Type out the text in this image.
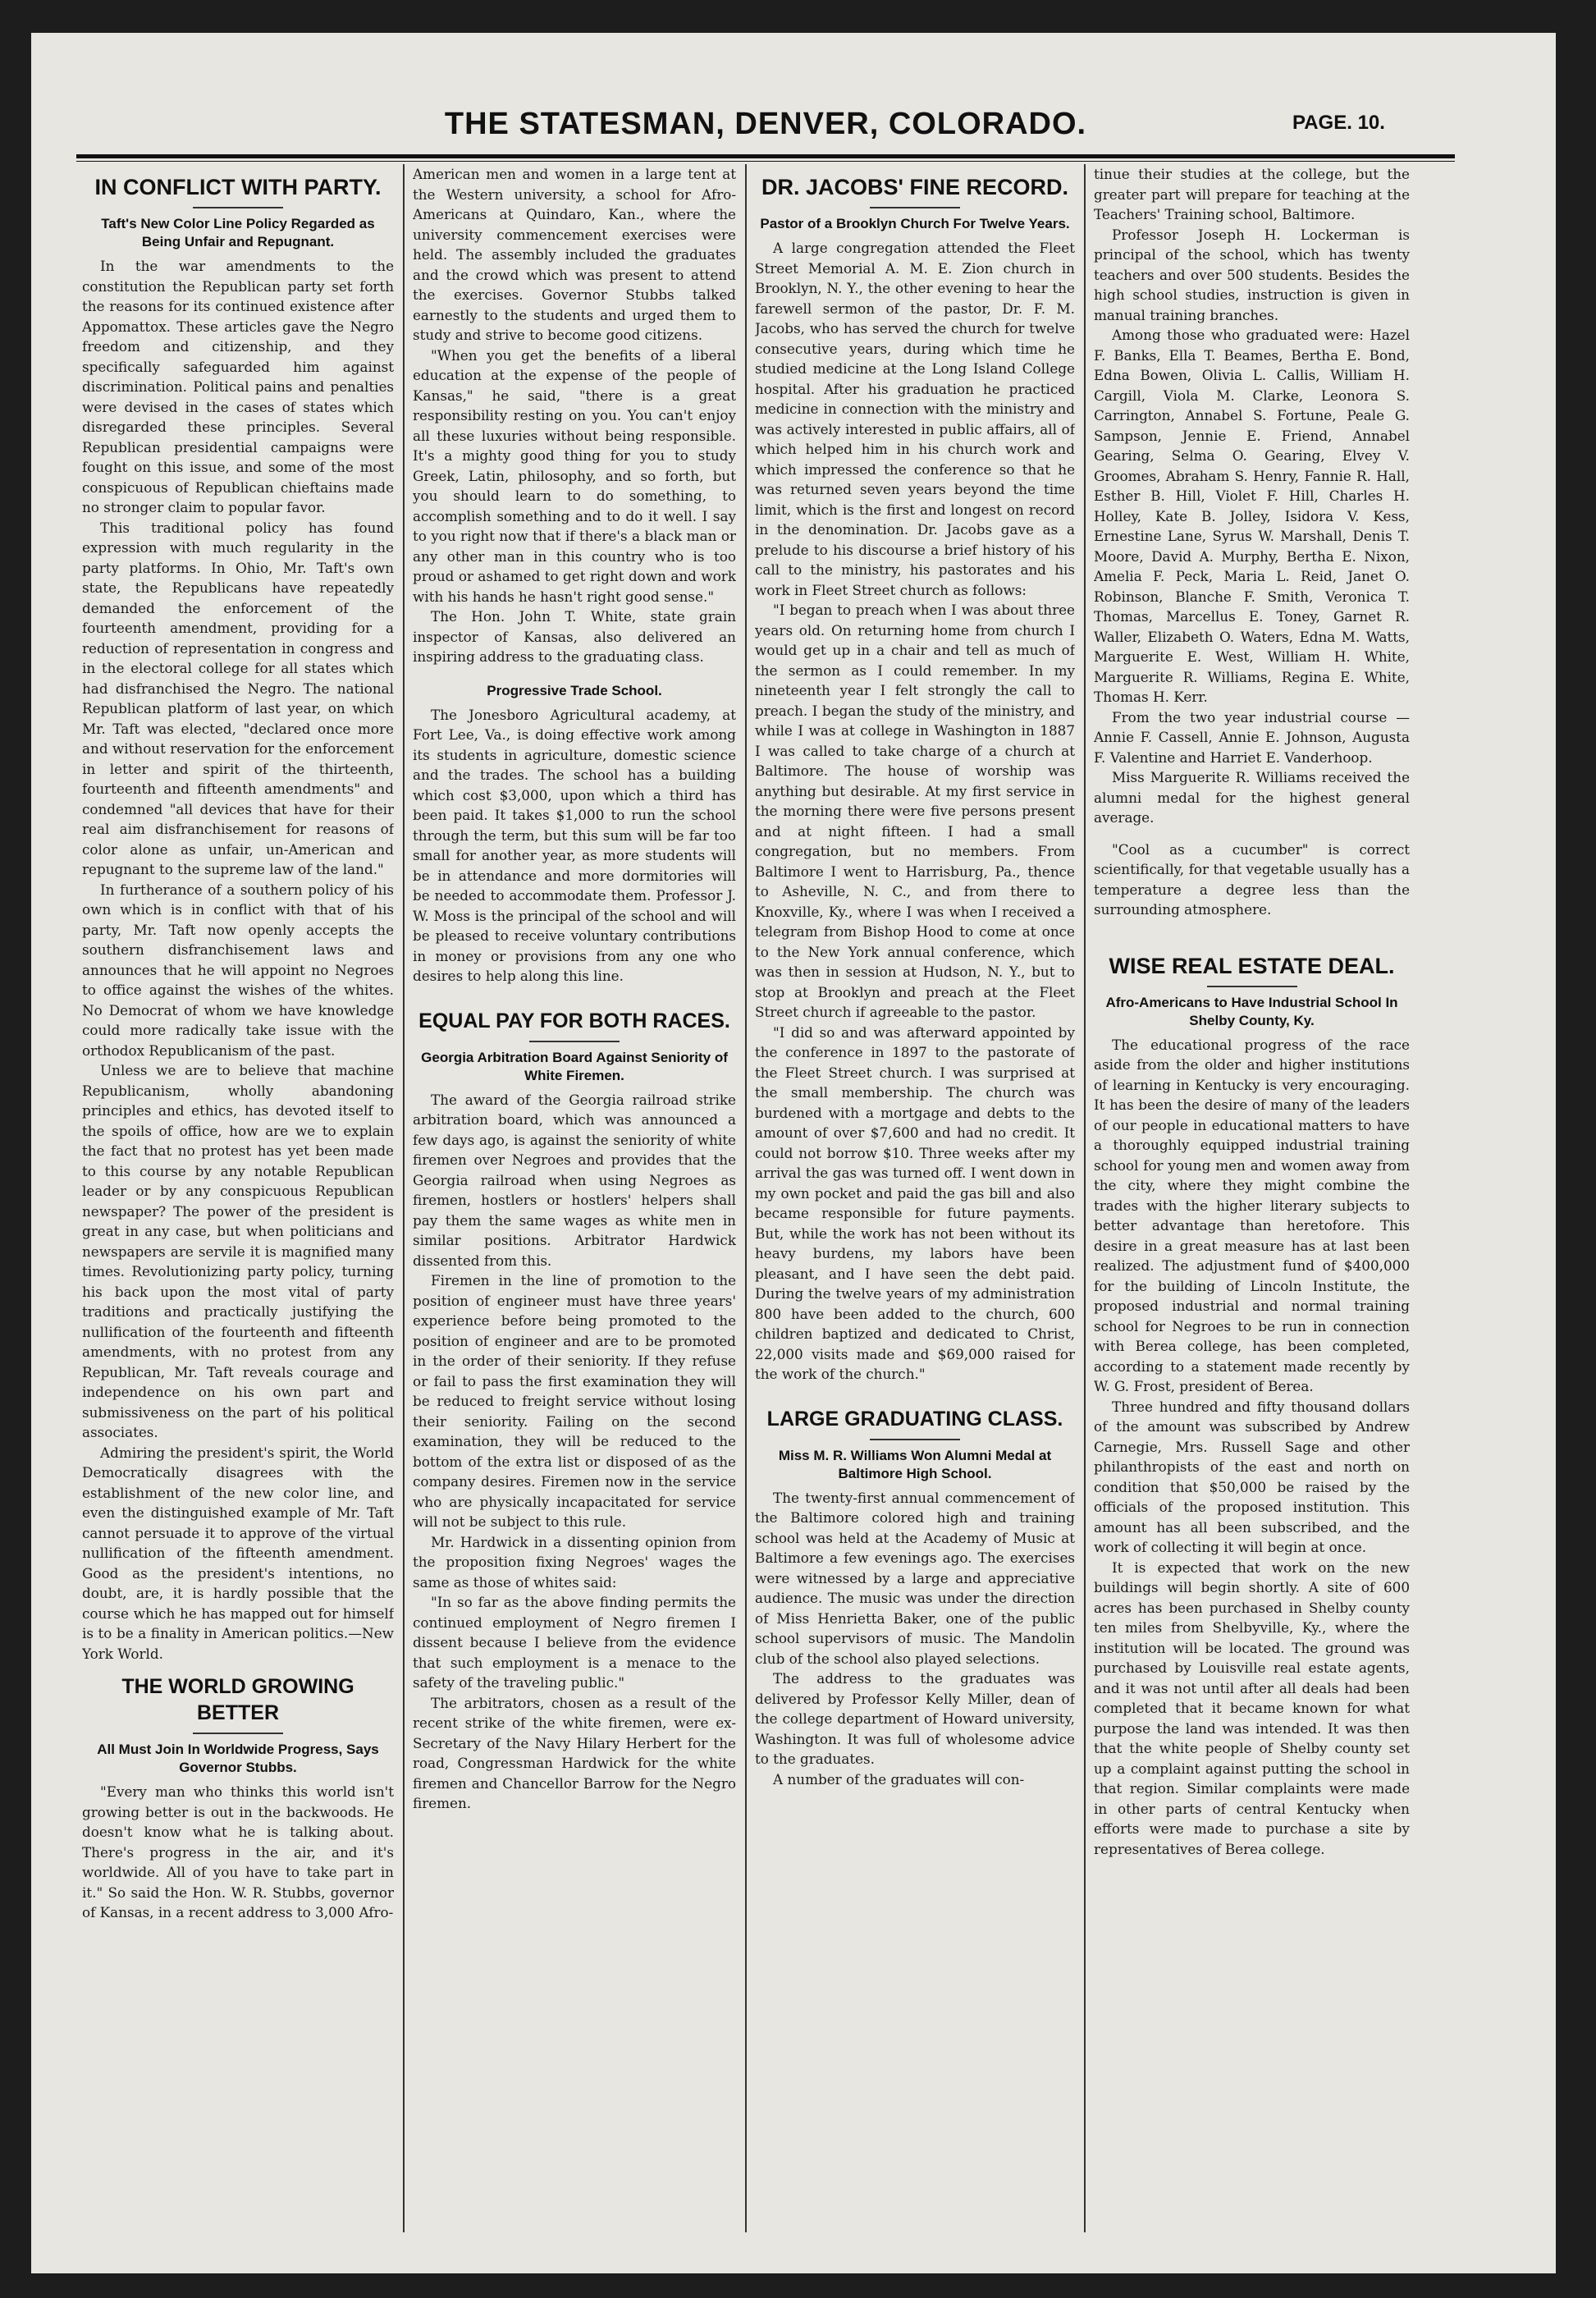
THE STATESMAN, DENVER, COLORADO.	PAGE. 10.
IN CONFLICT WITH PARTY.
Taft's New Color Line Policy Regarded as Being Unfair and Repugnant.

In the war amendments to the constitution the Republican party set forth the reasons for its continued existence after Appomattox. These articles gave the Negro freedom and citizenship, and they specifically safeguarded him against discrimination. Political pains and penalties were devised in the cases of states which disregarded these principles. Several Republican presidential campaigns were fought on this issue, and some of the most conspicuous of Republican chieftains made no stronger claim to popular favor.

This traditional policy has found expression with much regularity in the party platforms. In Ohio, Mr. Taft's own state, the Republicans have repeatedly demanded the enforcement of the fourteenth amendment, providing for a reduction of representation in congress and in the electoral college for all states which had disfranchised the Negro. The national Republican platform of last year, on which Mr. Taft was elected, "declared once more and without reservation for the enforcement in letter and spirit of the thirteenth, fourteenth and fifteenth amendments" and condemned "all devices that have for their real aim disfranchisement for reasons of color alone as unfair, un-American and repugnant to the supreme law of the land."

In furtherance of a southern policy of his own which is in conflict with that of his party, Mr. Taft now openly accepts the southern disfranchisement laws and announces that he will appoint no Negroes to office against the wishes of the whites. No Democrat of whom we have knowledge could more radically take issue with the orthodox Republicanism of the past.

Unless we are to believe that machine Republicanism, wholly abandoning principles and ethics, has devoted itself to the spoils of office, how are we to explain the fact that no protest has yet been made to this course by any notable Republican leader or by any conspicuous Republican newspaper? The power of the president is great in any case, but when politicians and newspapers are servile it is magnified many times. Revolutionizing party policy, turning his back upon the most vital of party traditions and practically justifying the nullification of the fourteenth and fifteenth amendments, with no protest from any Republican, Mr. Taft reveals courage and independence on his own part and submissiveness on the part of his political associates.

Admiring the president's spirit, the World Democratically disagrees with the establishment of the new color line, and even the distinguished example of Mr. Taft cannot persuade it to approve of the virtual nullification of the fifteenth amendment. Good as the president's intentions, no doubt, are, it is hardly possible that the course which he has mapped out for himself is to be a finality in American politics.—New York World.

THE WORLD GROWING BETTER
All Must Join In Worldwide Progress, Says Governor Stubbs.

"Every man who thinks this world isn't growing better is out in the backwoods. He doesn't know what he is talking about. There's progress in the air, and it's worldwide. All of you have to take part in it." So said the Hon. W. R. Stubbs, governor of Kansas, in a recent address to 3,000 Afro-

American men and women in a large tent at the Western university, a school for Afro-Americans at Quindaro, Kan., where the university commencement exercises were held. The assembly included the graduates and the crowd which was present to attend the exercises. Governor Stubbs talked earnestly to the students and urged them to study and strive to become good citizens.

"When you get the benefits of a liberal education at the expense of the people of Kansas," he said, "there is a great responsibility resting on you. You can't enjoy all these luxuries without being responsible. It's a mighty good thing for you to study Greek, Latin, philosophy, and so forth, but you should learn to do something, to accomplish something and to do it well. I say to you right now that if there's a black man or any other man in this country who is too proud or ashamed to get right down and work with his hands he hasn't right good sense."

The Hon. John T. White, state grain inspector of Kansas, also delivered an inspiring address to the graduating class.

Progressive Trade School.

The Jonesboro Agricultural academy, at Fort Lee, Va., is doing effective work among its students in agriculture, domestic science and the trades. The school has a building which cost $3,000, upon which a third has been paid. It takes $1,000 to run the school through the term, but this sum will be far too small for another year, as more students will be in attendance and more dormitories will be needed to accommodate them. Professor J. W. Moss is the principal of the school and will be pleased to receive voluntary contributions in money or provisions from any one who desires to help along this line.

EQUAL PAY FOR BOTH RACES.
Georgia Arbitration Board Against Seniority of White Firemen.

The award of the Georgia railroad strike arbitration board, which was announced a few days ago, is against the seniority of white firemen over Negroes and provides that the Georgia railroad when using Negroes as firemen, hostlers or hostlers' helpers shall pay them the same wages as white men in similar positions. Arbitrator Hardwick dissented from this.

Firemen in the line of promotion to the position of engineer must have three years' experience before being promoted to the position of engineer and are to be promoted in the order of their seniority. If they refuse or fail to pass the first examination they will be reduced to freight service without losing their seniority. Failing on the second examination, they will be reduced to the bottom of the extra list or disposed of as the company desires. Firemen now in the service who are physically incapacitated for service will not be subject to this rule.

Mr. Hardwick in a dissenting opinion from the proposition fixing Negroes' wages the same as those of whites said:

"In so far as the above finding permits the continued employment of Negro firemen I dissent because I believe from the evidence that such employment is a menace to the safety of the traveling public."

The arbitrators, chosen as a result of the recent strike of the white firemen, were ex-Secretary of the Navy Hilary Herbert for the road, Congressman Hardwick for the white firemen and Chancellor Barrow for the Negro firemen.

DR. JACOBS' FINE RECORD.
Pastor of a Brooklyn Church For Twelve Years.

A large congregation attended the Fleet Street Memorial A. M. E. Zion church in Brooklyn, N. Y., the other evening to hear the farewell sermon of the pastor, Dr. F. M. Jacobs, who has served the church for twelve consecutive years, during which time he studied medicine at the Long Island College hospital. After his graduation he practiced medicine in connection with the ministry and was actively interested in public affairs, all of which helped him in his church work and which impressed the conference so that he was returned seven years beyond the time limit, which is the first and longest on record in the denomination. Dr. Jacobs gave as a prelude to his discourse a brief history of his call to the ministry, his pastorates and his work in Fleet Street church as follows:

"I began to preach when I was about three years old. On returning home from church I would get up in a chair and tell as much of the sermon as I could remember. In my nineteenth year I felt strongly the call to preach. I began the study of the ministry, and while I was at college in Washington in 1887 I was called to take charge of a church at Baltimore. The house of worship was anything but desirable. At my first service in the morning there were five persons present and at night fifteen. I had a small congregation, but no members. From Baltimore I went to Harrisburg, Pa., thence to Asheville, N. C., and from there to Knoxville, Ky., where I was when I received a telegram from Bishop Hood to come at once to the New York annual conference, which was then in session at Hudson, N. Y., but to stop at Brooklyn and preach at the Fleet Street church if agreeable to the pastor.

"I did so and was afterward appointed by the conference in 1897 to the pastorate of the Fleet Street church. I was surprised at the small membership. The church was burdened with a mortgage and debts to the amount of over $7,600 and had no credit. It could not borrow $10. Three weeks after my arrival the gas was turned off. I went down in my own pocket and paid the gas bill and also became responsible for future payments. But, while the work has not been without its heavy burdens, my labors have been pleasant, and I have seen the debt paid. During the twelve years of my administration 800 have been added to the church, 600 children baptized and dedicated to Christ, 22,000 visits made and $69,000 raised for the work of the church."

LARGE GRADUATING CLASS.
Miss M. R. Williams Won Alumni Medal at Baltimore High School.

The twenty-first annual commencement of the Baltimore colored high and training school was held at the Academy of Music at Baltimore a few evenings ago. The exercises were witnessed by a large and appreciative audience. The music was under the direction of Miss Henrietta Baker, one of the public school supervisors of music. The Mandolin club of the school also played selections.

The address to the graduates was delivered by Professor Kelly Miller, dean of the college department of Howard university, Washington. It was full of wholesome advice to the graduates.

A number of the graduates will con-

tinue their studies at the college, but the greater part will prepare for teaching at the Teachers' Training school, Baltimore.

Professor Joseph H. Lockerman is principal of the school, which has twenty teachers and over 500 students. Besides the high school studies, instruction is given in manual training branches.

Among those who graduated were: Hazel F. Banks, Ella T. Beames, Bertha E. Bond, Edna Bowen, Olivia L. Callis, William H. Cargill, Viola M. Clarke, Leonora S. Carrington, Annabel S. Fortune, Peale G. Sampson, Jennie E. Friend, Annabel Gearing, Selma O. Gearing, Elvey V. Groomes, Abraham S. Henry, Fannie R. Hall, Esther B. Hill, Violet F. Hill, Charles H. Holley, Kate B. Jolley, Isidora V. Kess, Ernestine Lane, Syrus W. Marshall, Denis T. Moore, David A. Murphy, Bertha E. Nixon, Amelia F. Peck, Maria L. Reid, Janet O. Robinson, Blanche F. Smith, Veronica T. Thomas, Marcellus E. Toney, Garnet R. Waller, Elizabeth O. Waters, Edna M. Watts, Marguerite E. West, William H. White, Marguerite R. Williams, Regina E. White, Thomas H. Kerr.

From the two year industrial course —Annie F. Cassell, Annie E. Johnson, Augusta F. Valentine and Harriet E. Vanderhoop.

Miss Marguerite R. Williams received the alumni medal for the highest general average.

"Cool as a cucumber" is correct scientifically, for that vegetable usually has a temperature a degree less than the surrounding atmosphere.

WISE REAL ESTATE DEAL.
Afro-Americans to Have Industrial School In Shelby County, Ky.

The educational progress of the race aside from the older and higher institutions of learning in Kentucky is very encouraging. It has been the desire of many of the leaders of our people in educational matters to have a thoroughly equipped industrial training school for young men and women away from the city, where they might combine the trades with the higher literary subjects to better advantage than heretofore. This desire in a great measure has at last been realized. The adjustment fund of $400,000 for the building of Lincoln Institute, the proposed industrial and normal training school for Negroes to be run in connection with Berea college, has been completed, according to a statement made recently by W. G. Frost, president of Berea.

Three hundred and fifty thousand dollars of the amount was subscribed by Andrew Carnegie, Mrs. Russell Sage and other philanthropists of the east and north on condition that $50,000 be raised by the officials of the proposed institution. This amount has all been subscribed, and the work of collecting it will begin at once.

It is expected that work on the new buildings will begin shortly. A site of 600 acres has been purchased in Shelby county ten miles from Shelbyville, Ky., where the institution will be located. The ground was purchased by Louisville real estate agents, and it was not until after all deals had been completed that it became known for what purpose the land was intended. It was then that the white people of Shelby county set up a complaint against putting the school in that region. Similar complaints were made in other parts of central Kentucky when efforts were made to purchase a site by representatives of Berea college.
